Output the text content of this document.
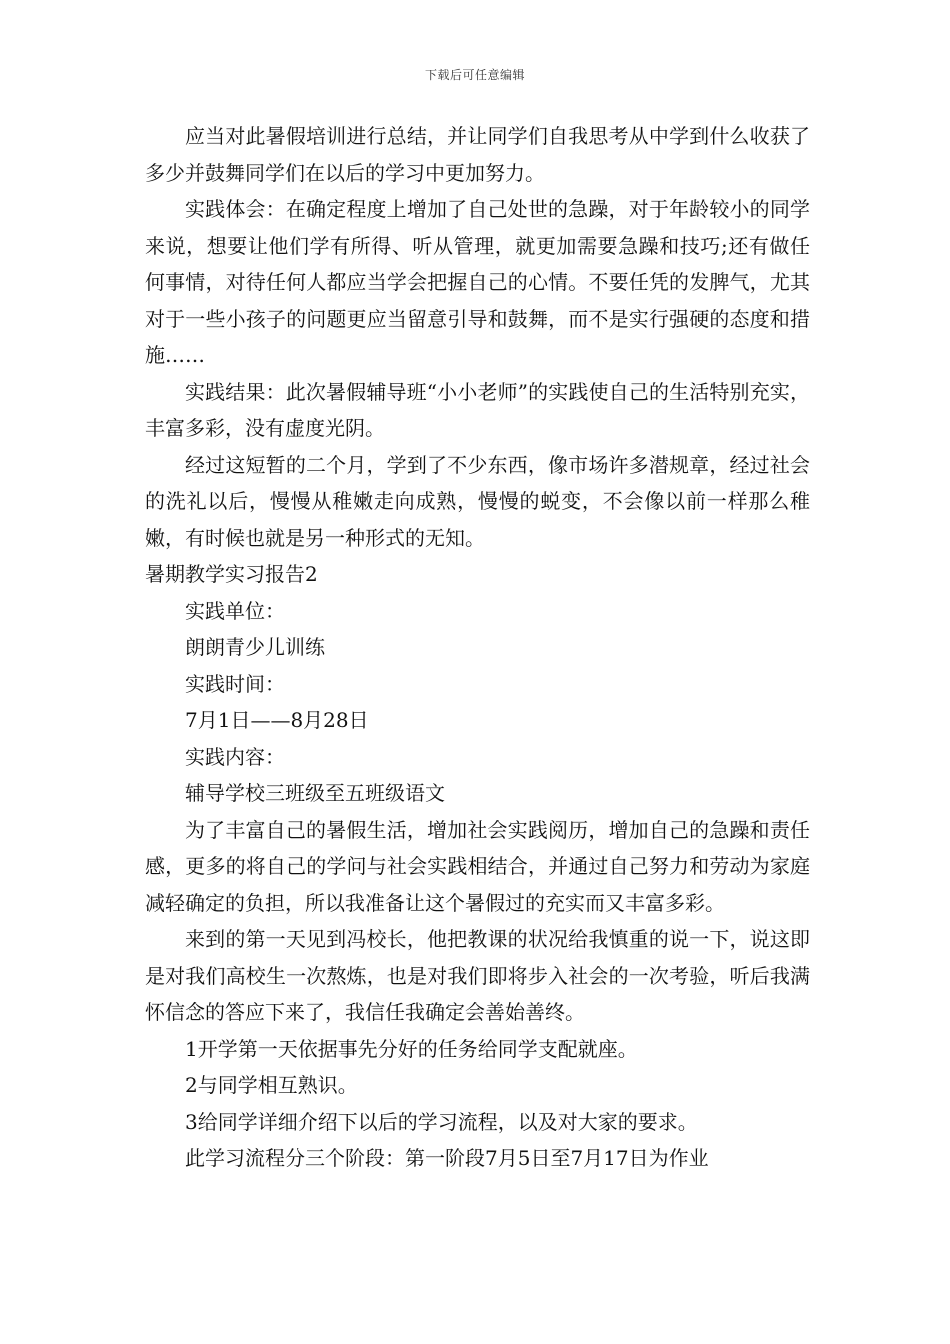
下载后可任意编辑

应当对此暑假培训进行总结，并让同学们自我思考从中学到什么收获了多少并鼓舞同学们在以后的学习中更加努力。

实践体会：在确定程度上增加了自己处世的急躁，对于年龄较小的同学来说，想要让他们学有所得、听从管理，就更加需要急躁和技巧;还有做任何事情，对待任何人都应当学会把握自己的心情。不要任凭的发脾气，尤其对于一些小孩子的问题更应当留意引导和鼓舞，而不是实行强硬的态度和措施……

实践结果：此次暑假辅导班“小小老师”的实践使自己的生活特别充实，丰富多彩，没有虚度光阴。

经过这短暂的二个月，学到了不少东西，像市场许多潜规章，经过社会的洗礼以后，慢慢从稚嫩走向成熟，慢慢的蜕变，不会像以前一样那么稚嫩，有时候也就是另一种形式的无知。

暑期教学实习报告2

实践单位：

朗朗青少儿训练

实践时间：

7月1日——8月28日

实践内容：

辅导学校三班级至五班级语文

为了丰富自己的暑假生活，增加社会实践阅历，增加自己的急躁和责任感，更多的将自己的学问与社会实践相结合，并通过自己努力和劳动为家庭减轻确定的负担，所以我准备让这个暑假过的充实而又丰富多彩。

来到的第一天见到冯校长，他把教课的状况给我慎重的说一下，说这即是对我们高校生一次熬炼，也是对我们即将步入社会的一次考验，听后我满怀信念的答应下来了，我信任我确定会善始善终。

1开学第一天依据事先分好的任务给同学支配就座。

2与同学相互熟识。

3给同学详细介绍下以后的学习流程，以及对大家的要求。

此学习流程分三个阶段：第一阶段7月5日至7月17日为作业
